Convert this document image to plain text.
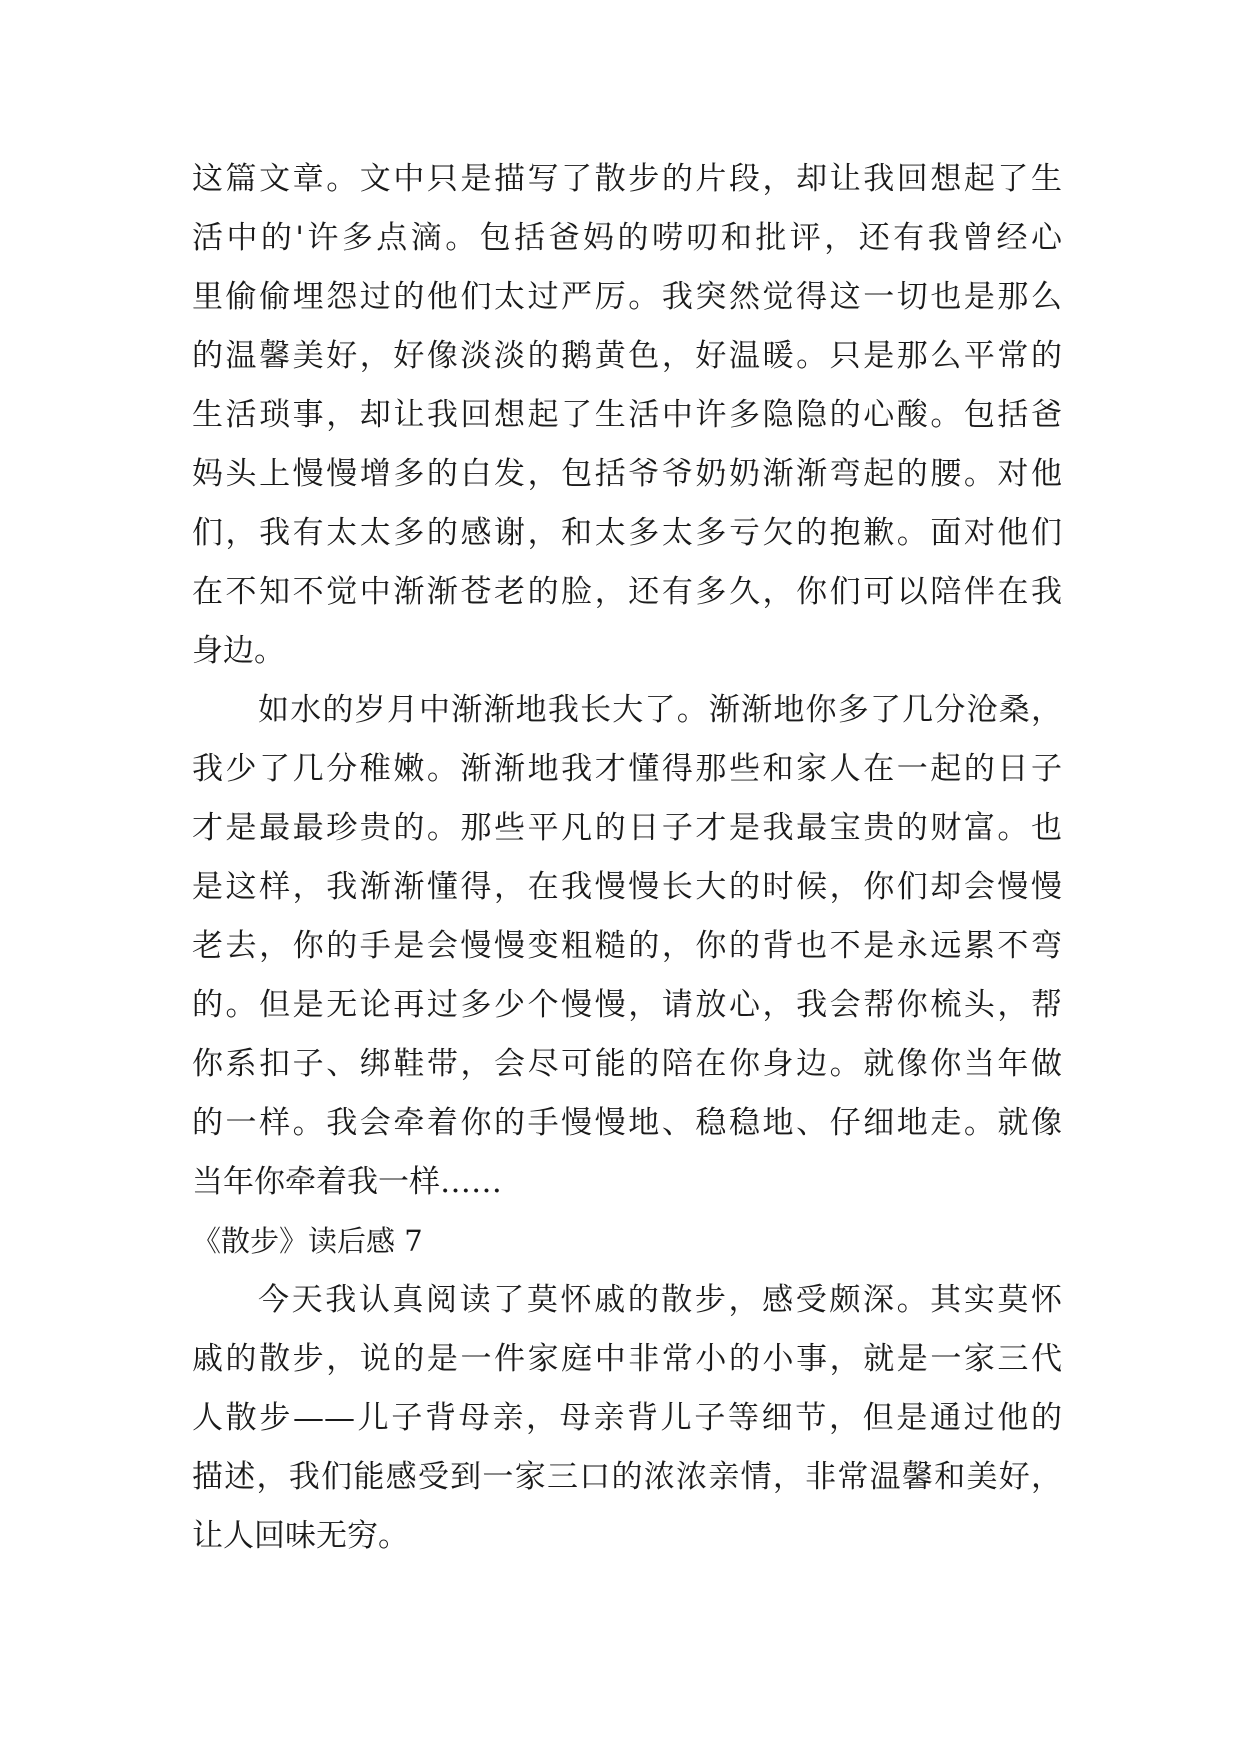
这篇文章。文中只是描写了散步的片段，却让我回想起了生
活中的'许多点滴。包括爸妈的唠叨和批评，还有我曾经心
里偷偷埋怨过的他们太过严厉。我突然觉得这一切也是那么
的温馨美好，好像淡淡的鹅黄色，好温暖。只是那么平常的
生活琐事，却让我回想起了生活中许多隐隐的心酸。包括爸
妈头上慢慢增多的白发，包括爷爷奶奶渐渐弯起的腰。对他
们，我有太太多的感谢，和太多太多亏欠的抱歉。面对他们
在不知不觉中渐渐苍老的脸，还有多久，你们可以陪伴在我
身边。
如水的岁月中渐渐地我长大了。渐渐地你多了几分沧桑，
我少了几分稚嫩。渐渐地我才懂得那些和家人在一起的日子
才是最最珍贵的。那些平凡的日子才是我最宝贵的财富。也
是这样，我渐渐懂得，在我慢慢长大的时候，你们却会慢慢
老去，你的手是会慢慢变粗糙的，你的背也不是永远累不弯
的。但是无论再过多少个慢慢，请放心，我会帮你梳头，帮
你系扣子、绑鞋带，会尽可能的陪在你身边。就像你当年做
的一样。我会牵着你的手慢慢地、稳稳地、仔细地走。就像
当年你牵着我一样……
《散步》读后感 7
今天我认真阅读了莫怀戚的散步，感受颇深。其实莫怀
戚的散步，说的是一件家庭中非常小的小事，就是一家三代
人散步——儿子背母亲，母亲背儿子等细节，但是通过他的
描述，我们能感受到一家三口的浓浓亲情，非常温馨和美好，
让人回味无穷。
